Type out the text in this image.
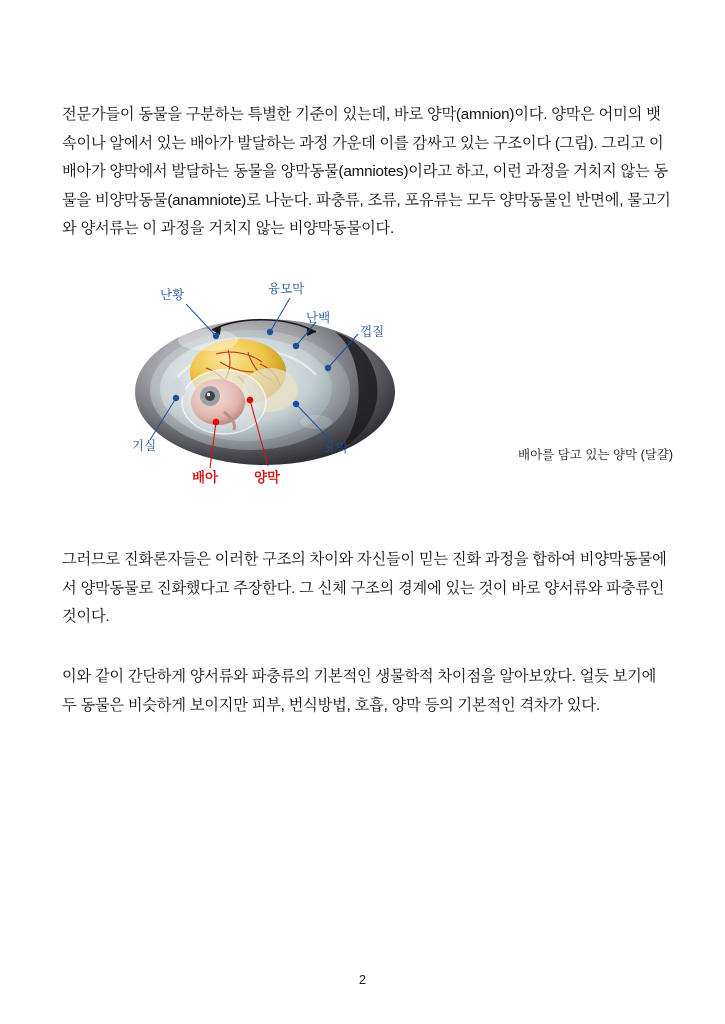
전문가들이 동물을 구분하는 특별한 기준이 있는데, 바로 양막(amnion)이다. 양막은 어미의 뱃속이나 알에서 있는 배아가 발달하는 과정 가운데 이를 감싸고 있는 구조이다 (그림). 그리고 이 배아가 양막에서 발달하는 동물을 양막동물(amniotes)이라고 하고, 이런 과정을 거치지 않는 동물을 비양막동물(anamniote)로 나눈다. 파충류, 조류, 포유류는 모두 양막동물인 반면에, 물고기와 양서류는 이 과정을 거치지 않는 비양막동물이다.

난황	융모막
난백
껍질
기실	요막
배아	양막
배아를 담고 있는 양막 (달걀)

그러므로 진화론자들은 이러한 구조의 차이와 자신들이 믿는 진화 과정을 합하여 비양막동물에서 양막동물로 진화했다고 주장한다. 그 신체 구조의 경계에 있는 것이 바로 양서류와 파충류인 것이다.

이와 같이 간단하게 양서류와 파충류의 기본적인 생물학적 차이점을 알아보았다. 얼듯 보기에 두 동물은 비슷하게 보이지만 피부, 번식방법, 호흡, 양막 등의 기본적인 격차가 있다.

2
